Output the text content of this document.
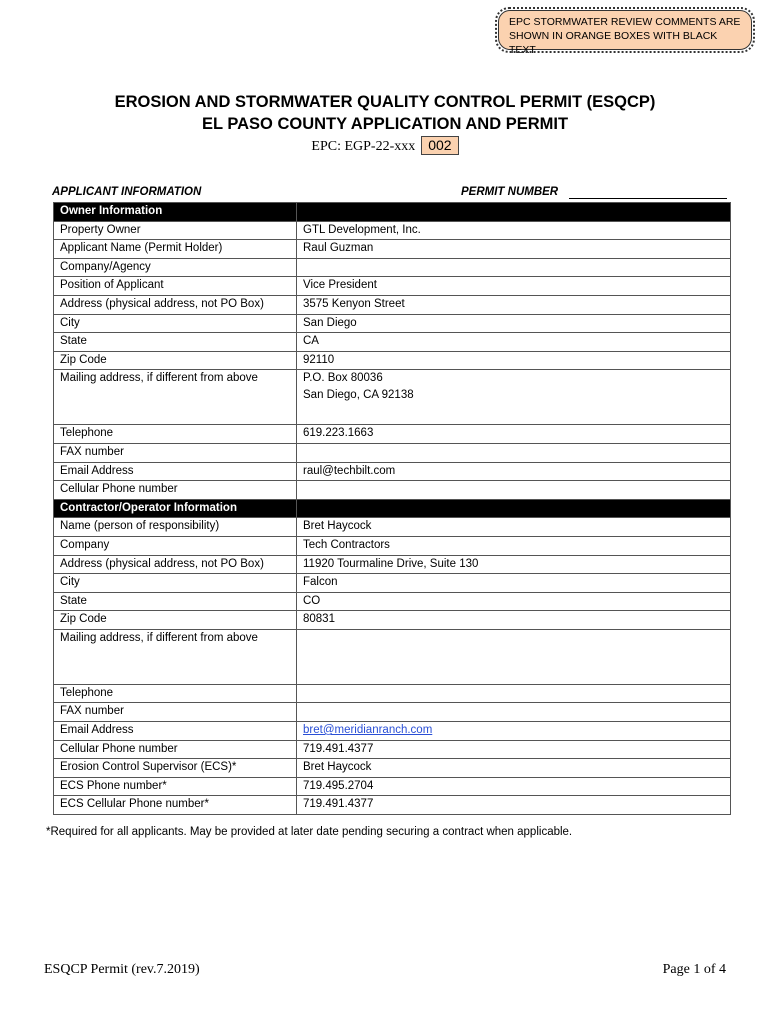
EPC STORMWATER REVIEW COMMENTS ARE SHOWN IN ORANGE BOXES WITH BLACK TEXT
EROSION AND STORMWATER QUALITY CONTROL PERMIT (ESQCP)
EL PASO COUNTY APPLICATION AND PERMIT
EPC: EGP-22-xxx 002
APPLICANT INFORMATION	PERMIT NUMBER
Owner Information	
Property Owner	GTL Development, Inc.
Applicant Name (Permit Holder)	Raul Guzman
Company/Agency	
Position of Applicant	Vice President
Address (physical address, not PO Box)	3575 Kenyon Street
City	San Diego
State	CA
Zip Code	92110
Mailing address, if different from above	P.O. Box 80036
San Diego, CA 92138

Telephone	619.223.1663
FAX number	
Email Address	raul@techbilt.com
Cellular Phone number	
Contractor/Operator Information	
Name (person of responsibility)	Bret Haycock
Company	Tech Contractors
Address (physical address, not PO Box)	11920 Tourmaline Drive, Suite 130
City	Falcon
State	CO
Zip Code	80831
Mailing address, if different from above	
Telephone	
FAX number	
Email Address	bret@meridianranch.com
Cellular Phone number	719.491.4377
Erosion Control Supervisor (ECS)*	Bret Haycock
ECS Phone number*	719.495.2704
ECS Cellular Phone number*	719.491.4377
*Required for all applicants. May be provided at later date pending securing a contract when applicable.
ESQCP Permit (rev.7.2019)	Page 1 of 4
